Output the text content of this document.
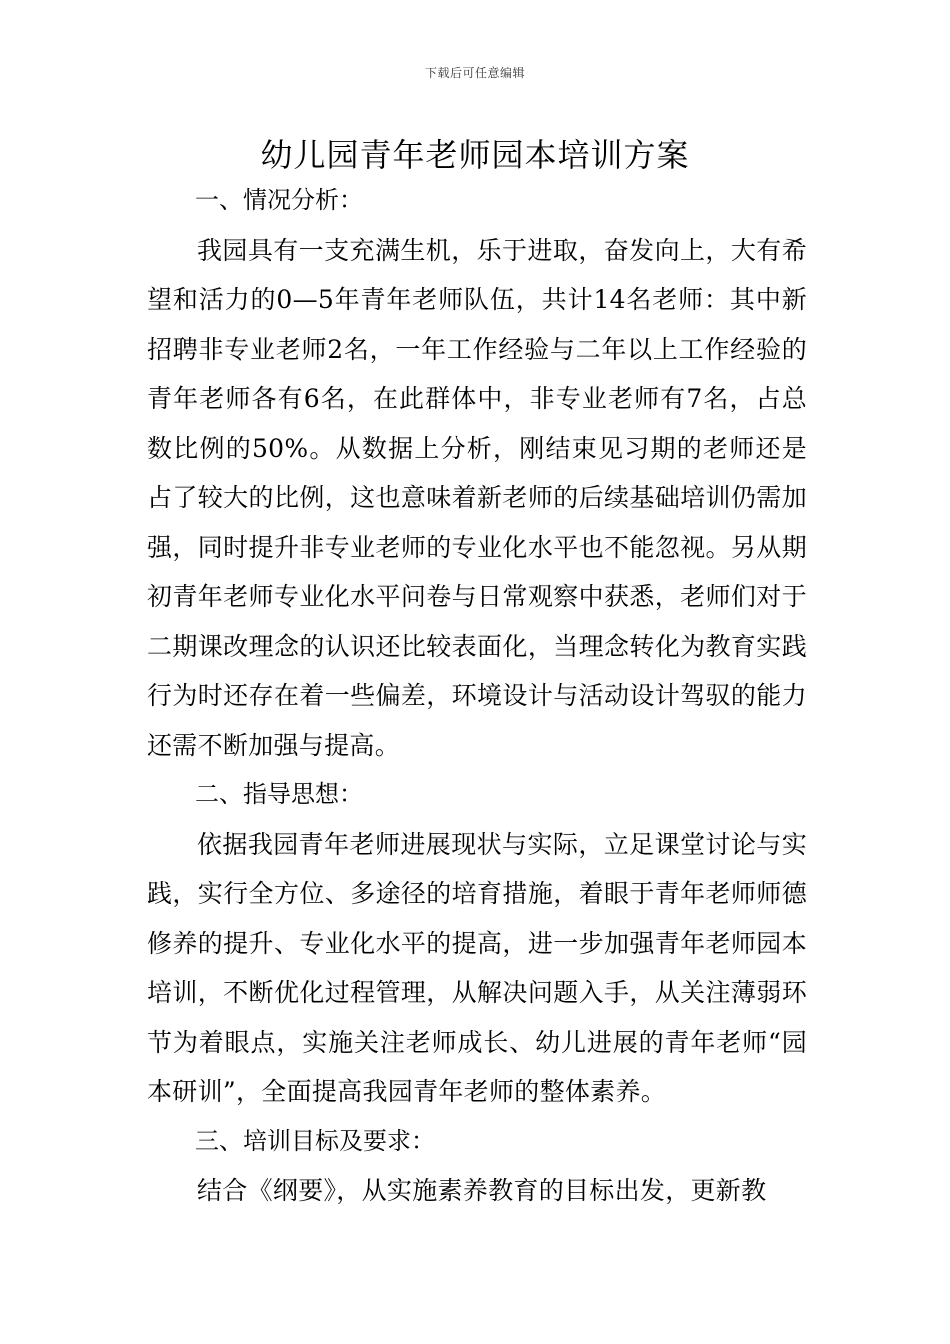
下载后可任意编辑
幼儿园青年老师园本培训方案

一、情况分析：

我园具有一支充满生机，乐于进取，奋发向上，大有希望和活力的0—5年青年老师队伍，共计14名老师：其中新招聘非专业老师2名，一年工作经验与二年以上工作经验的青年老师各有6名，在此群体中，非专业老师有7名，占总数比例的50%。从数据上分析，刚结束见习期的老师还是占了较大的比例，这也意味着新老师的后续基础培训仍需加强，同时提升非专业老师的专业化水平也不能忽视。另从期初青年老师专业化水平问卷与日常观察中获悉，老师们对于二期课改理念的认识还比较表面化，当理念转化为教育实践行为时还存在着一些偏差，环境设计与活动设计驾驭的能力还需不断加强与提高。

二、指导思想：

依据我园青年老师进展现状与实际，立足课堂讨论与实践，实行全方位、多途径的培育措施，着眼于青年老师师德修养的提升、专业化水平的提高，进一步加强青年老师园本培训，不断优化过程管理，从解决问题入手，从关注薄弱环节为着眼点，实施关注老师成长、幼儿进展的青年老师“园本研训”，全面提高我园青年老师的整体素养。

三、培训目标及要求：

结合《纲要》，从实施素养教育的目标出发，更新教
